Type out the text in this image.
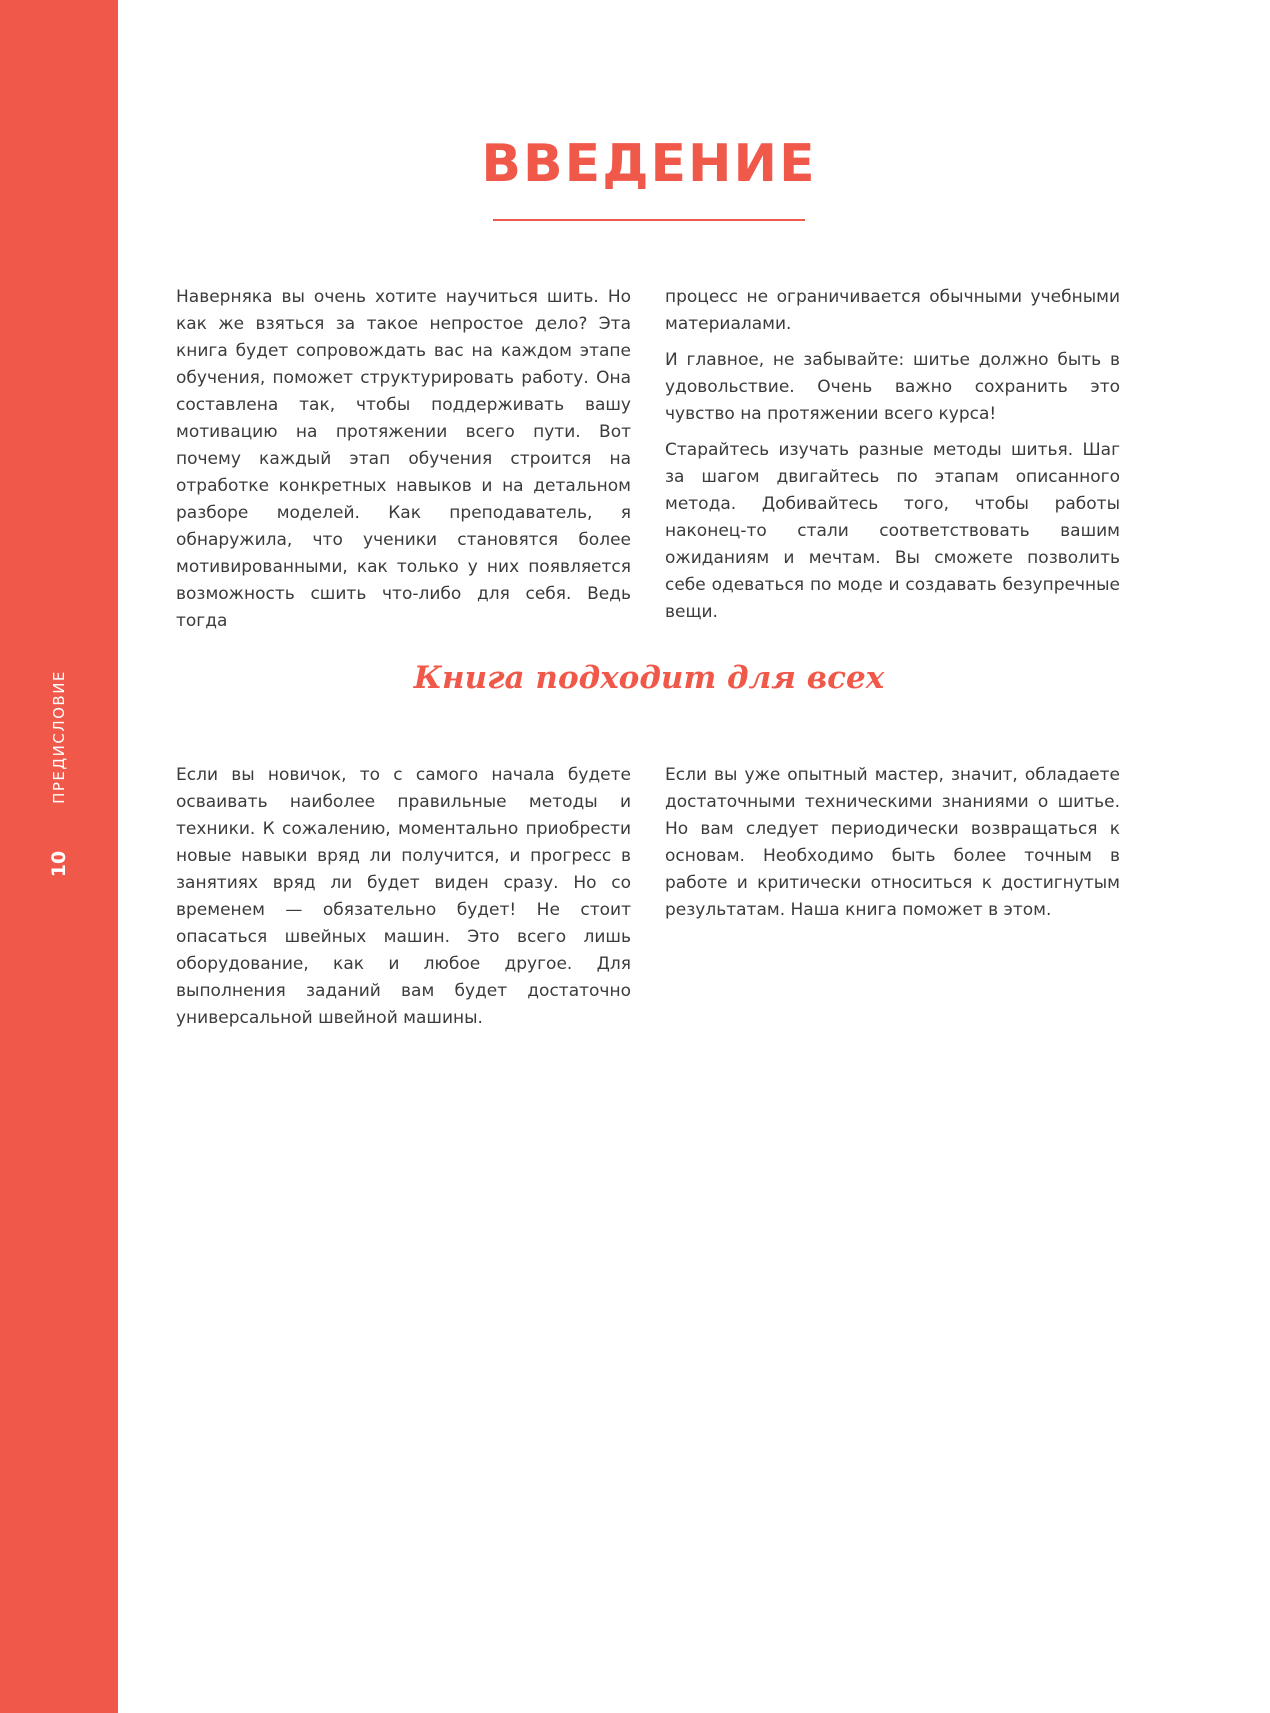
ПРЕДИСЛОВИЕ
10
ВВЕДЕНИЕ

Наверняка вы очень хотите научиться шить. Но как же взяться за такое непростое дело? Эта книга будет сопровождать вас на каждом этапе обучения, поможет структурировать работу. Она составлена так, чтобы поддерживать вашу мотивацию на протяжении всего пути. Вот почему каждый этап обучения строится на отработке конкретных навыков и на детальном разборе моделей. Как преподаватель, я обнаружила, что ученики становятся более мотивированными, как только у них появляется возможность сшить что-либо для себя. Ведь тогда

процесс не ограничивается обычными учебными материалами.

И главное, не забывайте: шитье должно быть в удовольствие. Очень важно сохранить это чувство на протяжении всего курса!

Старайтесь изучать разные методы шитья. Шаг за шагом двигайтесь по этапам описанного метода. Добивайтесь того, чтобы работы наконец-то стали соответствовать вашим ожиданиям и мечтам. Вы сможете позволить себе одеваться по моде и создавать безупречные вещи.

Книга подходит для всех

Если вы новичок, то с самого начала будете осваивать наиболее правильные методы и техники. К сожалению, моментально приобрести новые навыки вряд ли получится, и прогресс в занятиях вряд ли будет виден сразу. Но со временем — обязательно будет! Не стоит опасаться швейных машин. Это всего лишь оборудование, как и любое другое. Для выполнения заданий вам будет достаточно универсальной швейной машины.

Если вы уже опытный мастер, значит, обладаете достаточными техническими знаниями о шитье. Но вам следует периодически возвращаться к основам. Необходимо быть более точным в работе и критически относиться к достигнутым результатам. Наша книга поможет в этом.
